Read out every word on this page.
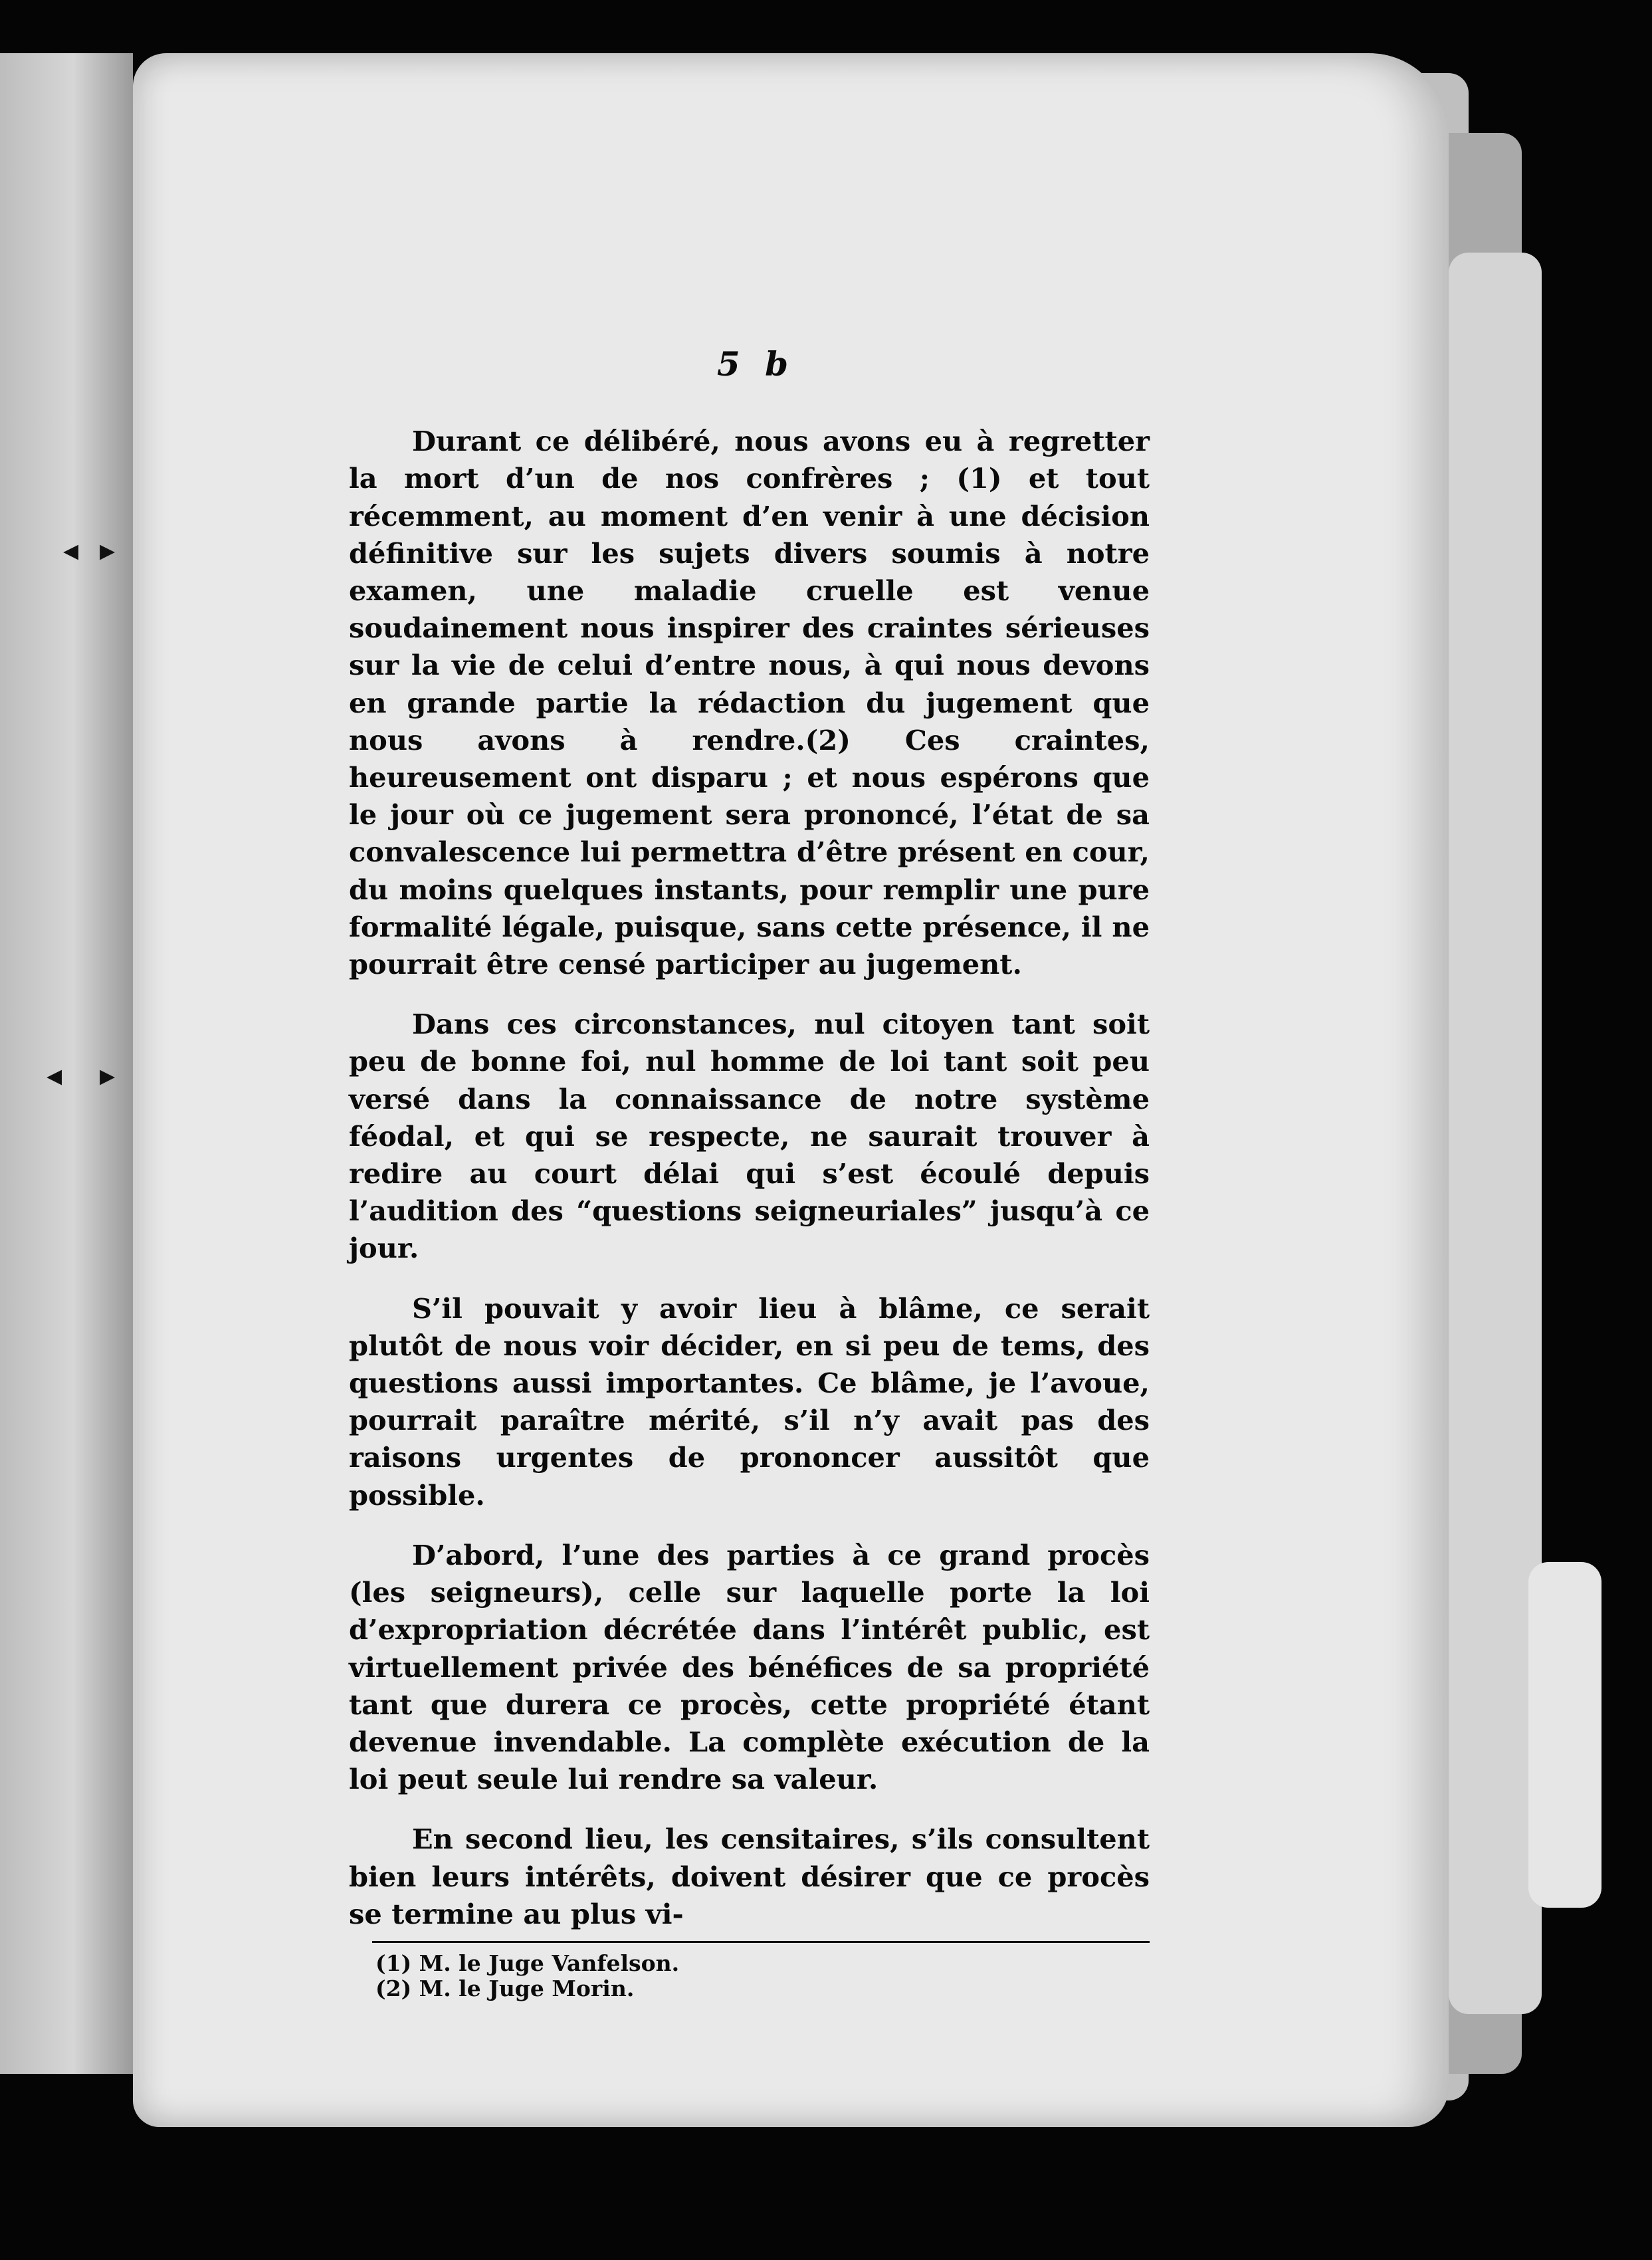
◂ ▸
◂ ▸
5 b

Durant ce délibéré, nous avons eu à regretter la mort d’un de nos confrères ; (1) et tout récemment, au moment d’en venir à une décision définitive sur les sujets divers soumis à notre examen, une maladie cruelle est venue soudainement nous inspirer des craintes sérieuses sur la vie de celui d’entre nous, à qui nous devons en grande partie la rédaction du jugement que nous avons à rendre.(2) Ces craintes, heureusement ont disparu ; et nous espérons que le jour où ce jugement sera prononcé, l’état de sa convalescence lui permettra d’être présent en cour, du moins quelques instants, pour remplir une pure formalité légale, puisque, sans cette présence, il ne pourrait être censé participer au jugement.

Dans ces circonstances, nul citoyen tant soit peu de bonne foi, nul homme de loi tant soit peu versé dans la connaissance de notre système féodal, et qui se respecte, ne saurait trouver à redire au court délai qui s’est écoulé depuis l’audition des “questions seigneuriales” jusqu’à ce jour.

S’il pouvait y avoir lieu à blâme, ce serait plutôt de nous voir décider, en si peu de tems, des questions aussi importantes. Ce blâme, je l’avoue, pourrait paraître mérité, s’il n’y avait pas des raisons urgentes de prononcer aussitôt que possible.

D’abord, l’une des parties à ce grand procès (les seigneurs), celle sur laquelle porte la loi d’expropriation décrétée dans l’intérêt public, est virtuellement privée des bénéfices de sa propriété tant que durera ce procès, cette propriété étant devenue invendable. La complète exécution de la loi peut seule lui rendre sa valeur.

En second lieu, les censitaires, s’ils consultent bien leurs intérêts, doivent désirer que ce procès se termine au plus vi-

(1) M. le Juge Vanfelson.
(2) M. le Juge Morin.
